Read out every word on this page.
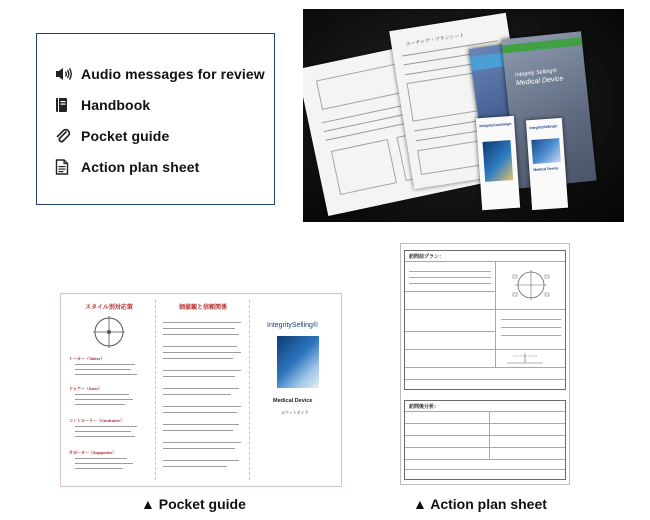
Audio messages for review
Handbook
Pocket guide
Action plan sheet
コーチング・プランシート
Integrity Selling®
Medical Device
IntegrityCoaching®	IntegritySelling®
Medical Device
スタイル別対応策
トーカー（Talker）
ドゥアー（Doer）
コントローラー（Controller）
サポーター（Supporter）
価値観と信頼関係
IntegritySelling®
Medical Device
ポケットガイド
訪問前プラン：
訪問後分析：
▲ Pocket guide	▲ Action plan sheet
